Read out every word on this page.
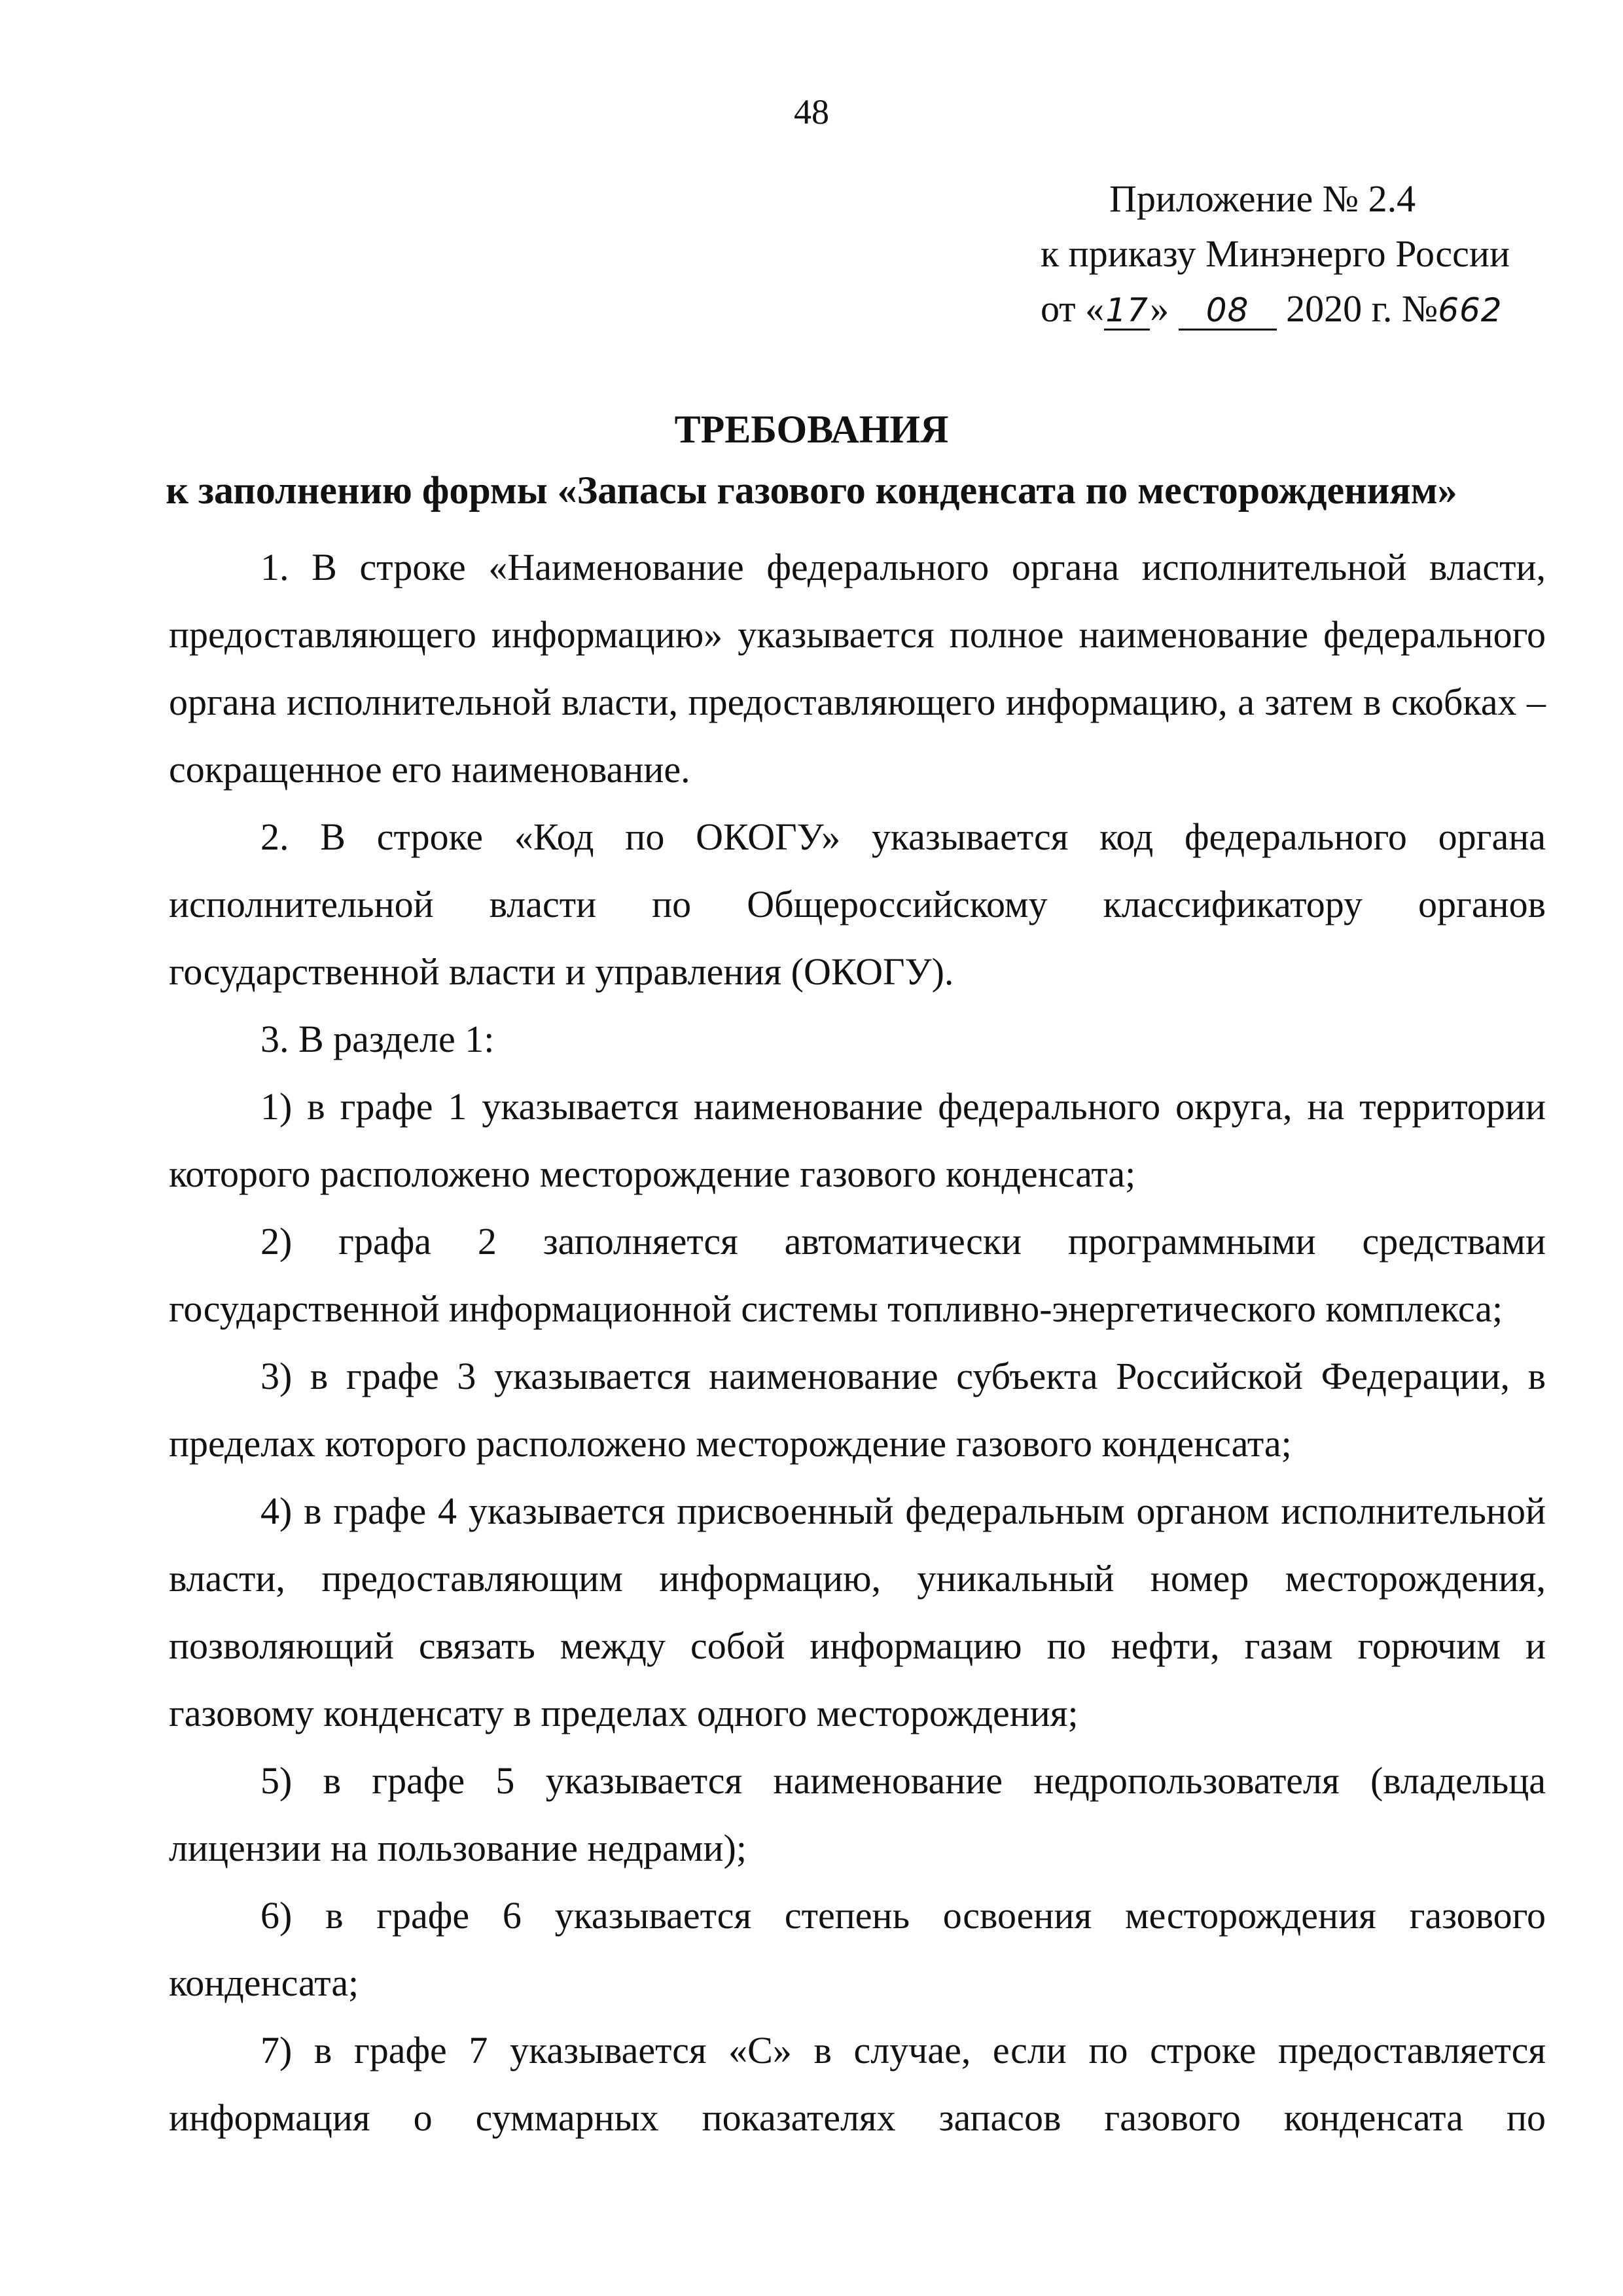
48
Приложение № 2.4
к приказу Минэнерго России
от «17» 08 2020 г. №662
ТРЕБОВАНИЯ
к заполнению формы «Запасы газового конденсата по месторождениям»

1. В строке «Наименование федерального органа исполнительной власти, предоставляющего информацию» указывается полное наименование федерального органа исполнительной власти, предоставляющего информацию, а затем в скобках – сокращенное его наименование.

2. В строке «Код по ОКОГУ» указывается код федерального органа исполнительной власти по Общероссийскому классификатору органов государственной власти и управления (ОКОГУ).

3. В разделе 1:

1) в графе 1 указывается наименование федерального округа, на территории которого расположено месторождение газового конденсата;

2) графа 2 заполняется автоматически программными средствами государственной информационной системы топливно-энергетического комплекса;

3) в графе 3 указывается наименование субъекта Российской Федерации, в пределах которого расположено месторождение газового конденсата;

4) в графе 4 указывается присвоенный федеральным органом исполнительной власти, предоставляющим информацию, уникальный номер месторождения, позволяющий связать между собой информацию по нефти, газам горючим и газовому конденсату в пределах одного месторождения;

5) в графе 5 указывается наименование недропользователя (владельца лицензии на пользование недрами);

6) в графе 6 указывается степень освоения месторождения газового конденсата;

7) в графе 7 указывается «С» в случае, если по строке предоставляется информация о суммарных показателях запасов газового конденсата по
